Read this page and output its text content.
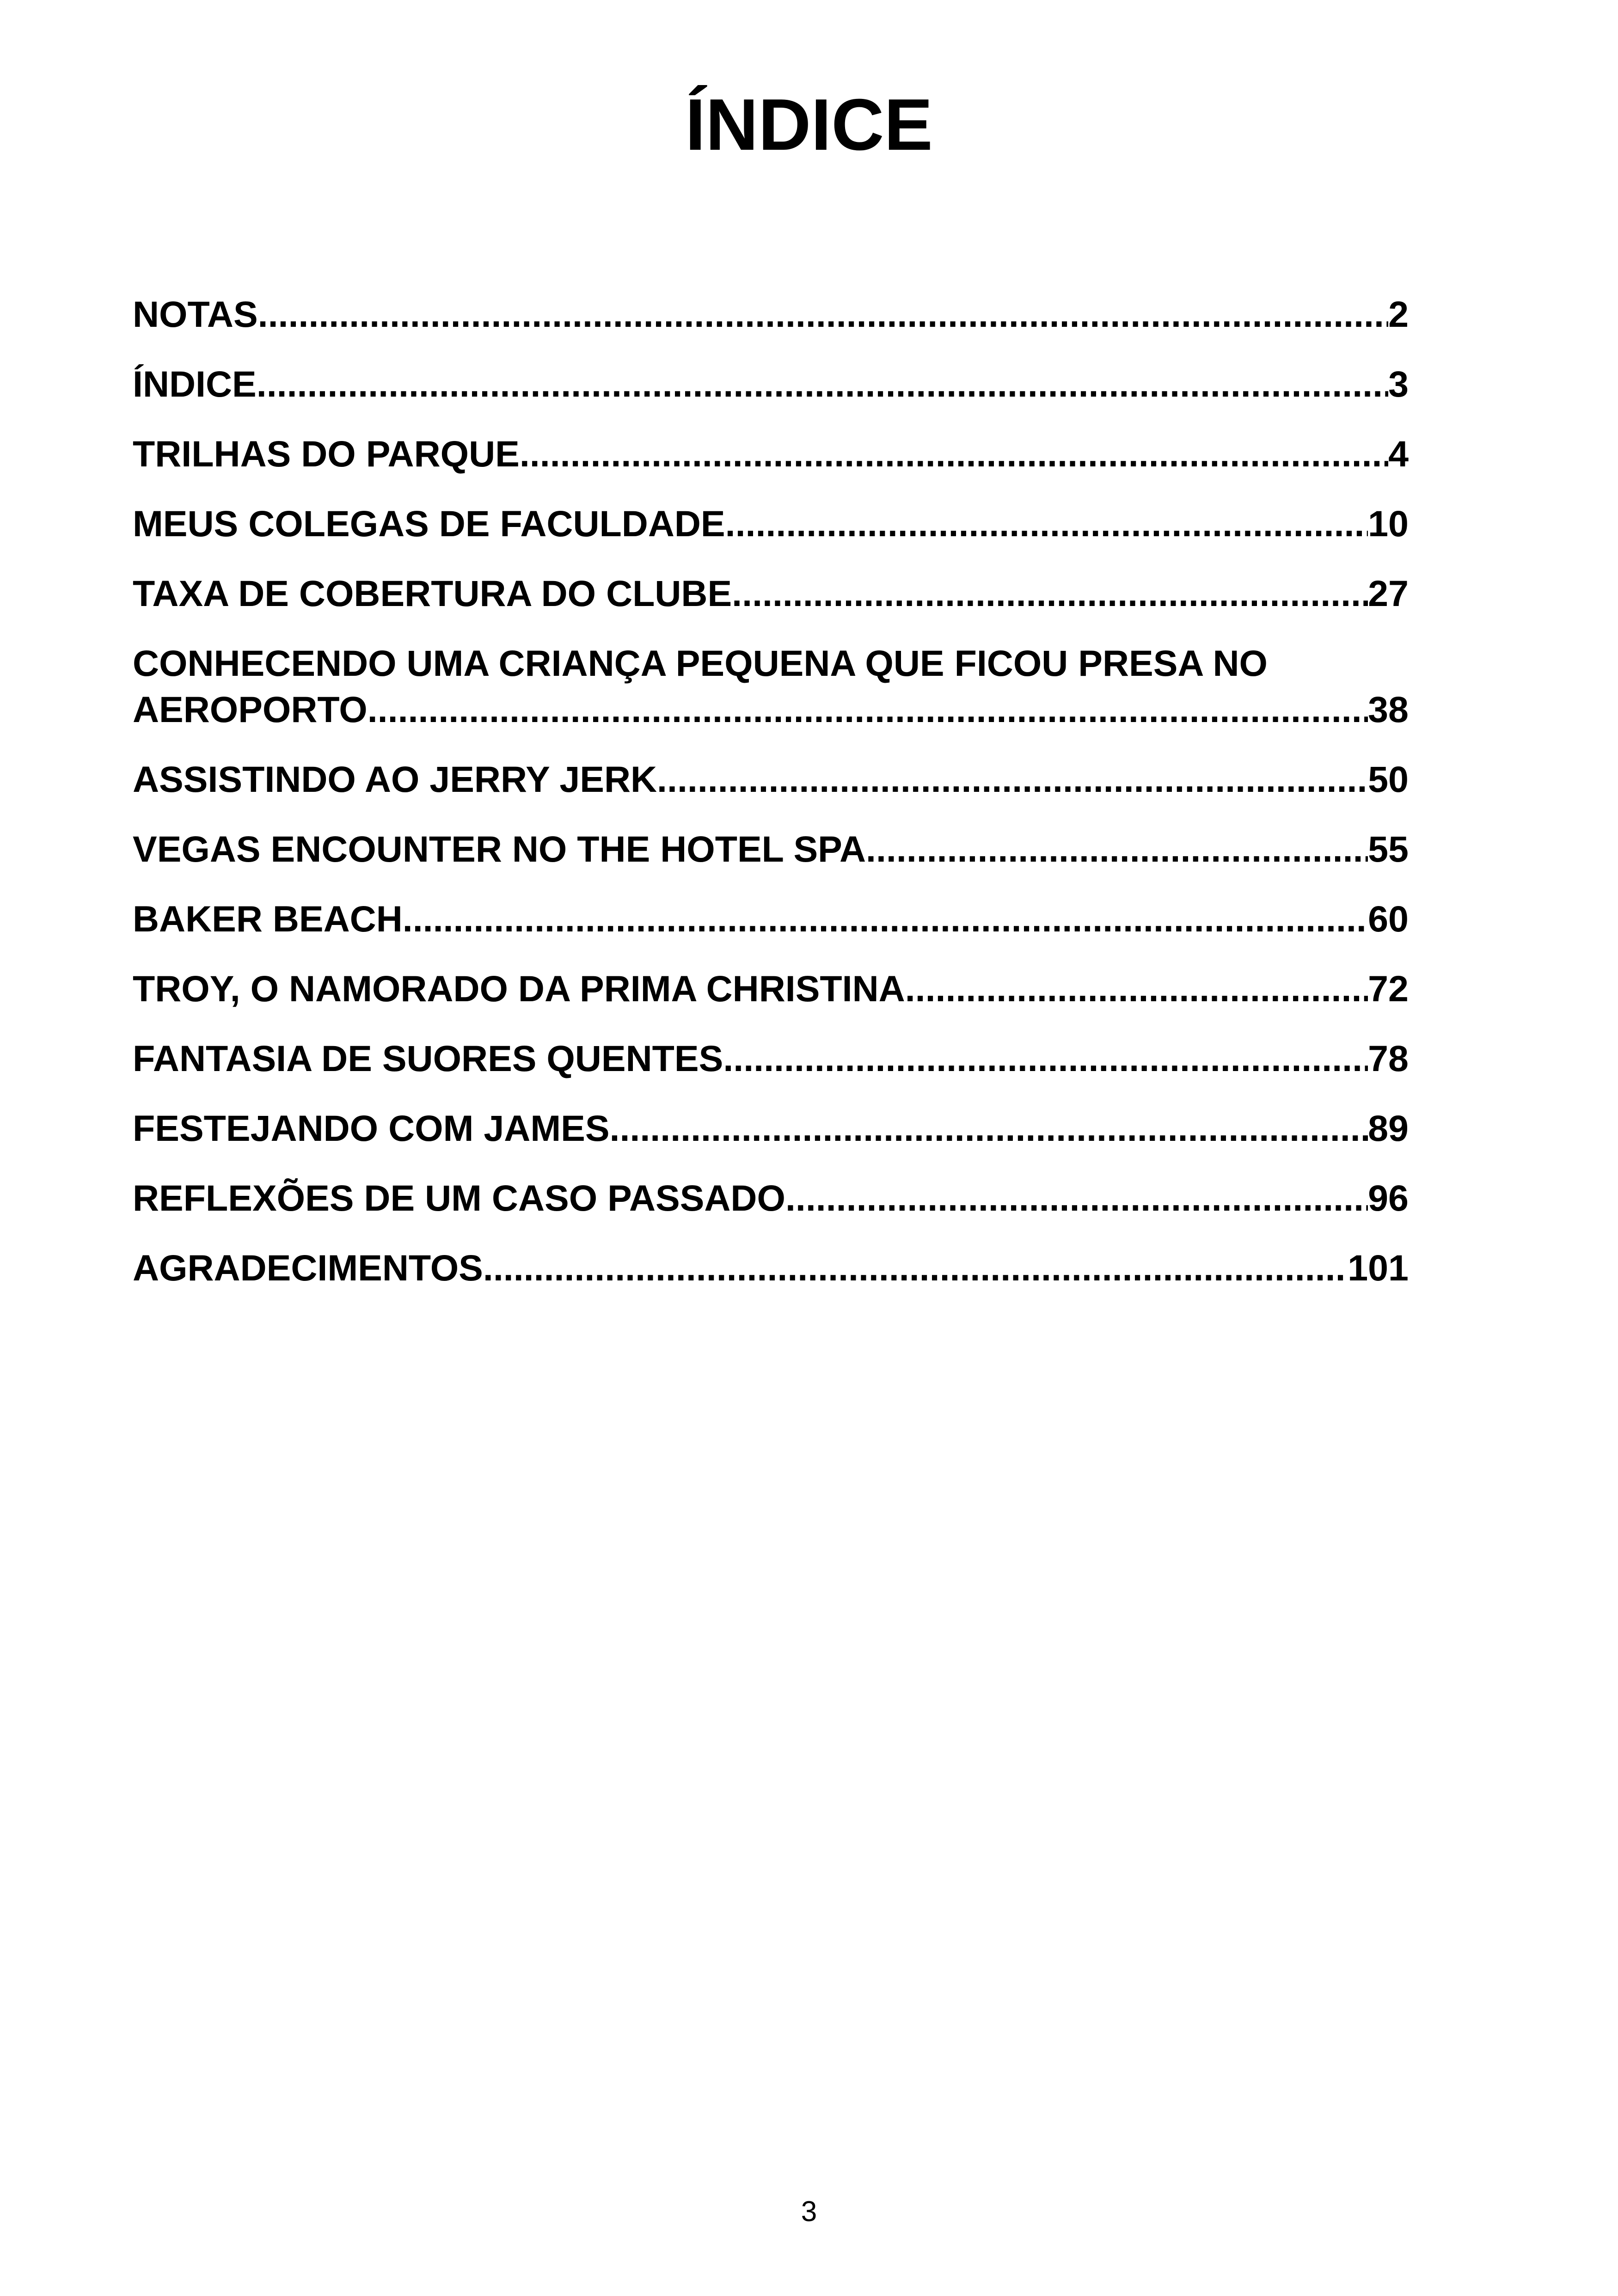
ÍNDICE
NOTAS .....	2
ÍNDICE .....	3
TRILHAS DO PARQUE .....	4
MEUS COLEGAS DE FACULDADE .....	10
TAXA DE COBERTURA DO CLUBE .....	27
CONHECENDO UMA CRIANÇA PEQUENA QUE FICOU PRESA NO
AEROPORTO .....	38
ASSISTINDO AO JERRY JERK .....	50
VEGAS ENCOUNTER NO THE HOTEL SPA .....	55
BAKER BEACH .....	60
TROY, O NAMORADO DA PRIMA CHRISTINA .....	72
FANTASIA DE SUORES QUENTES .....	78
FESTEJANDO COM JAMES .....	89
REFLEXÕES DE UM CASO PASSADO .....	96
AGRADECIMENTOS .....	101
3
